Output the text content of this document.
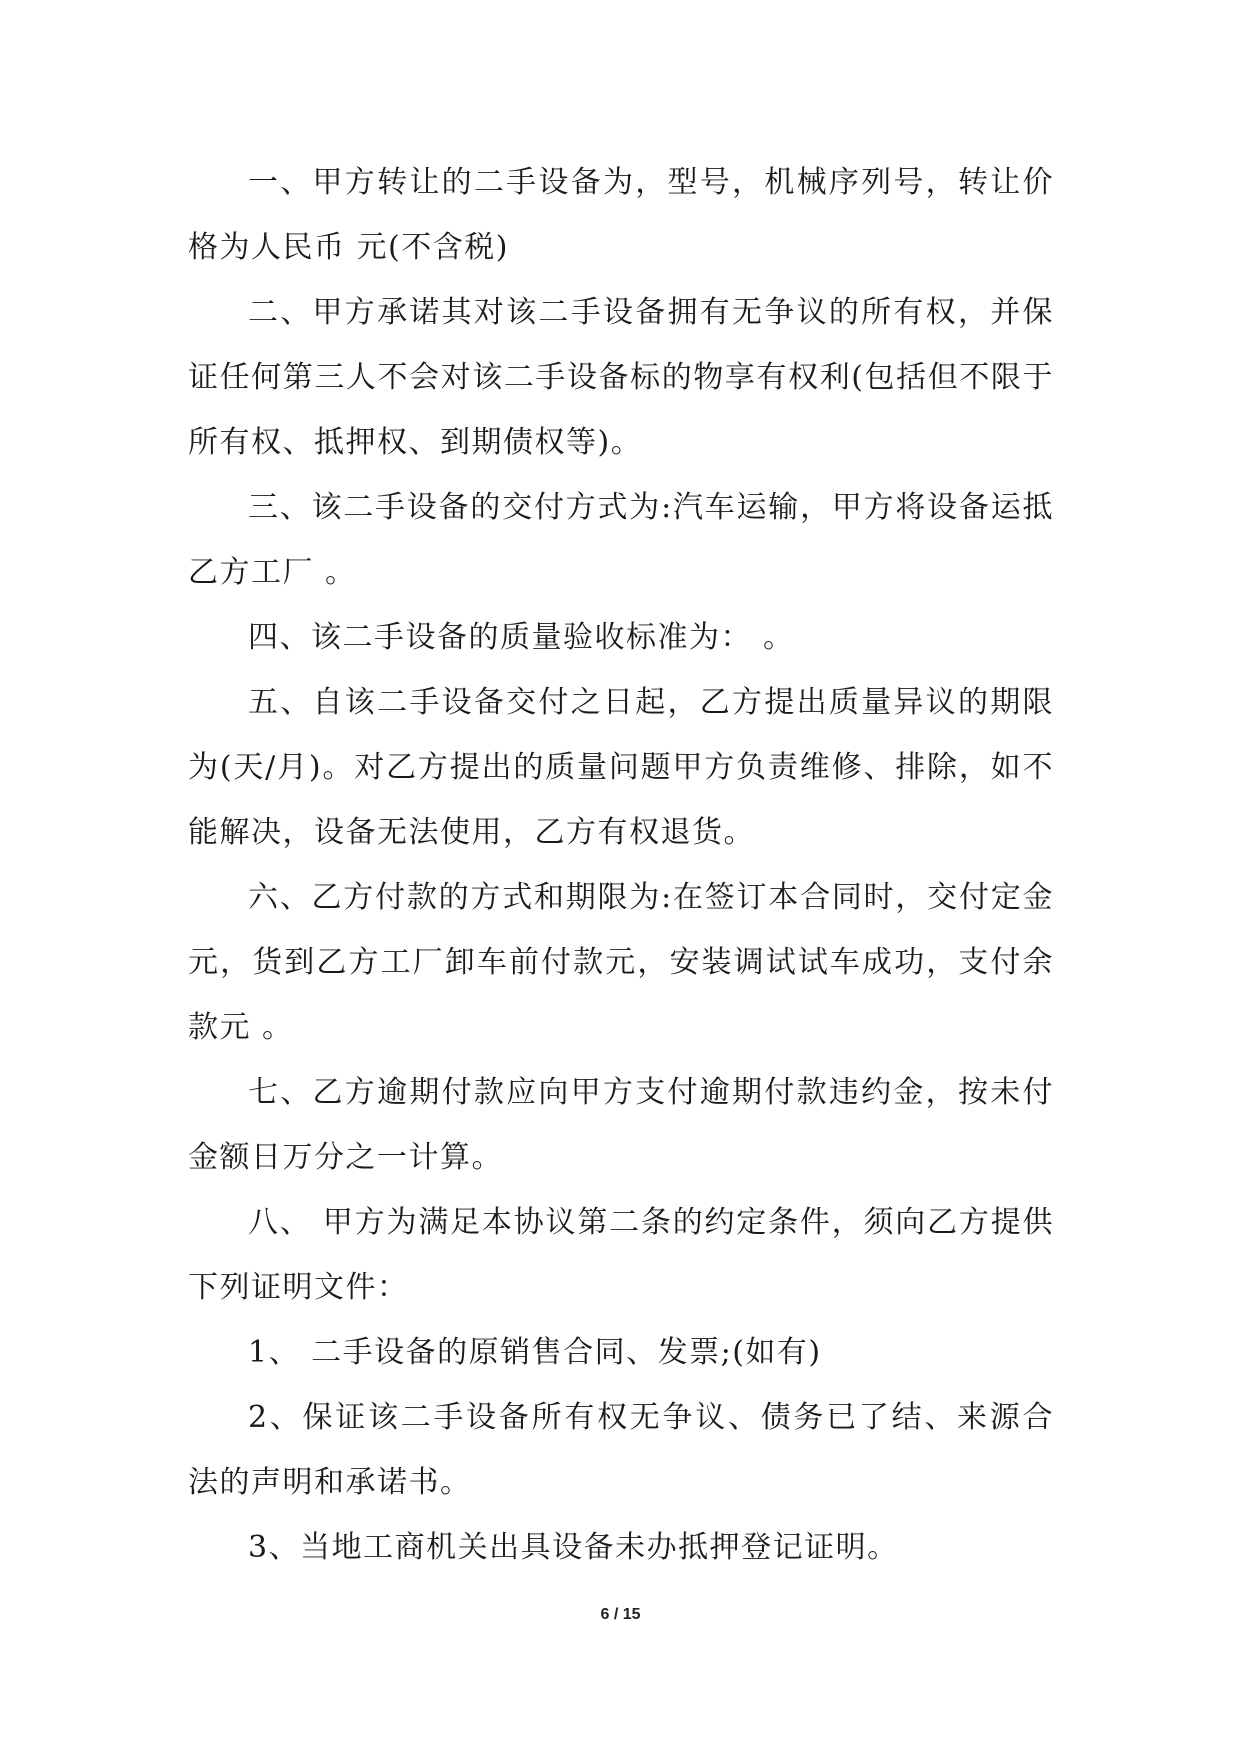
一、甲方转让的二手设备为，型号，机械序列号，转让价格为人民币 元(不含税)

二、甲方承诺其对该二手设备拥有无争议的所有权，并保证任何第三人不会对该二手设备标的物享有权利(包括但不限于所有权、抵押权、到期债权等)。

三、该二手设备的交付方式为:汽车运输，甲方将设备运抵乙方工厂 。

四、该二手设备的质量验收标准为： 。

五、自该二手设备交付之日起，乙方提出质量异议的期限为(天/月)。对乙方提出的质量问题甲方负责维修、排除，如不能解决，设备无法使用，乙方有权退货。

六、乙方付款的方式和期限为:在签订本合同时，交付定金元，货到乙方工厂卸车前付款元，安装调试试车成功，支付余款元 。

七、乙方逾期付款应向甲方支付逾期付款违约金，按未付金额日万分之一计算。

八、 甲方为满足本协议第二条的约定条件，须向乙方提供下列证明文件：

1、 二手设备的原销售合同、发票;(如有)

2、保证该二手设备所有权无争议、债务已了结、来源合法的声明和承诺书。

3、当地工商机关出具设备未办抵押登记证明。

6 / 15
